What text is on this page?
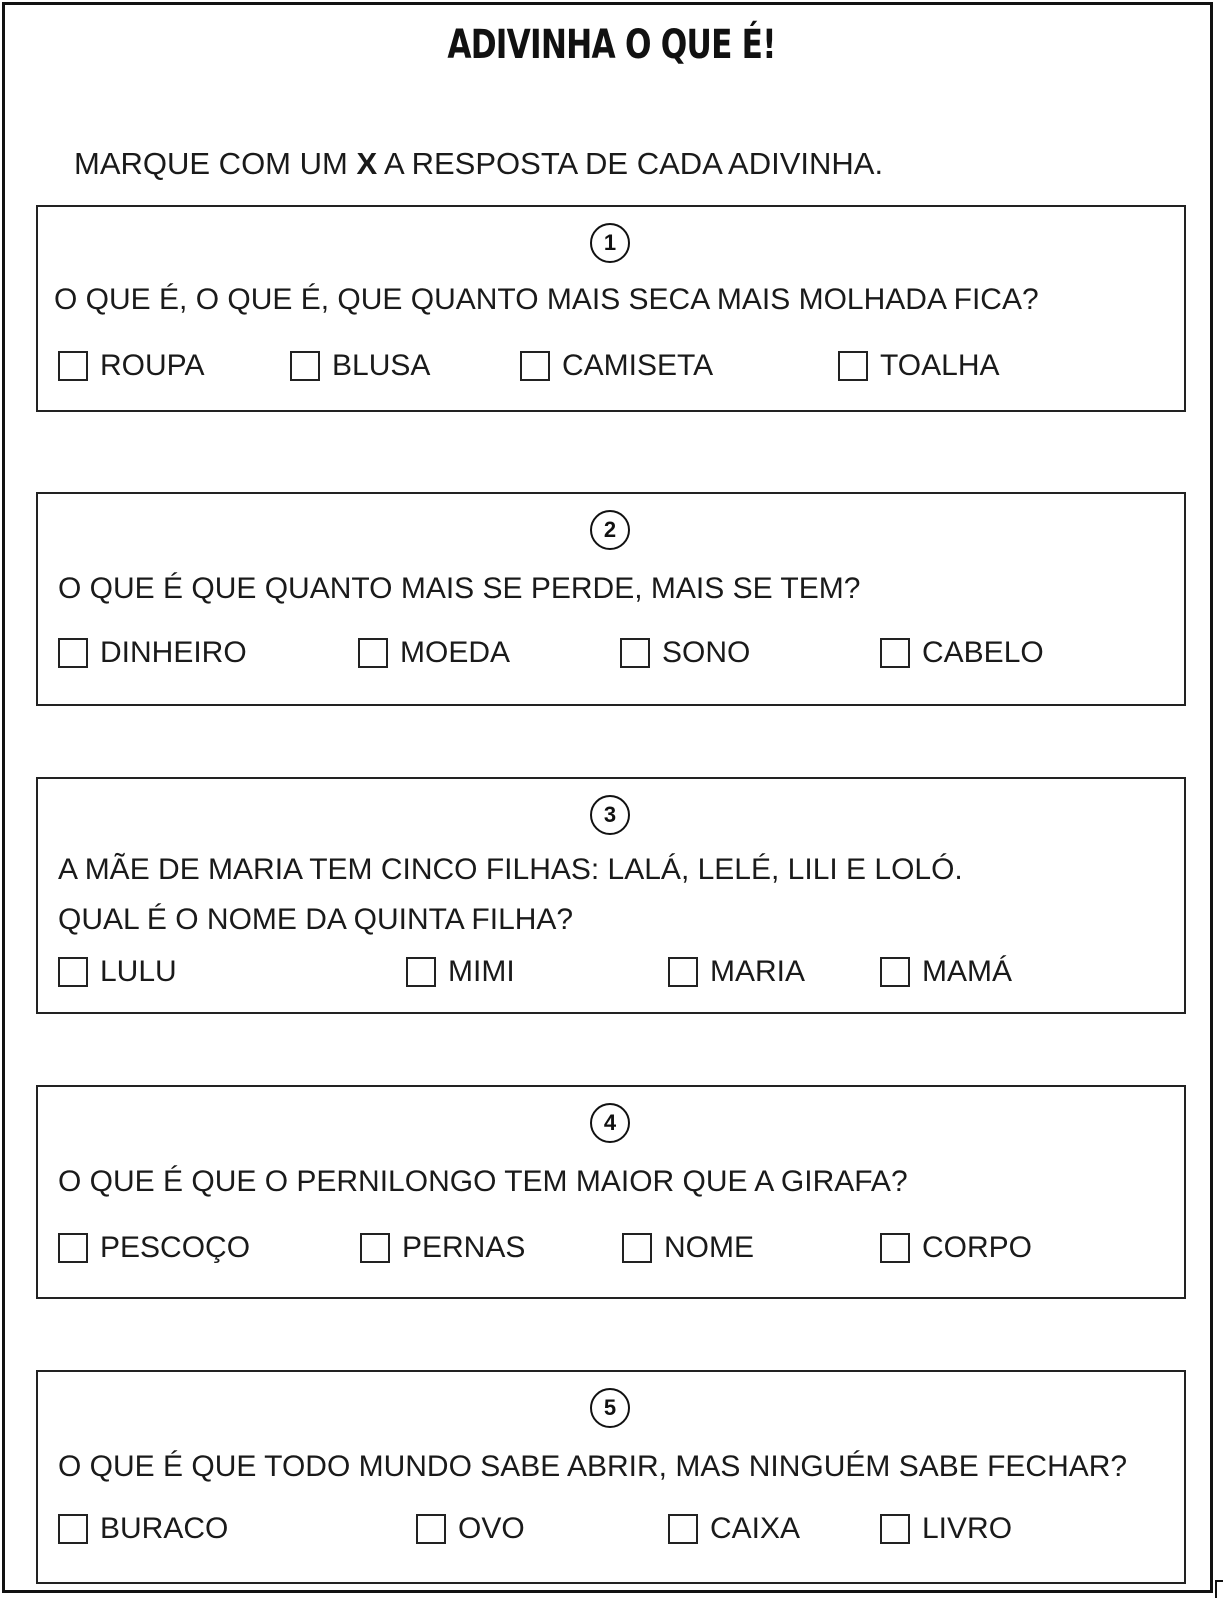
ADIVINHA O QUE É!
MARQUE COM UM X A RESPOSTA DE CADA ADIVINHA.
1
O QUE É, O QUE É, QUE QUANTO MAIS SECA MAIS MOLHADA FICA?
ROUPA	BLUSA	CAMISETA	TOALHA
2
O QUE É QUE QUANTO MAIS SE PERDE, MAIS SE TEM?
DINHEIRO	MOEDA	SONO	CABELO
3
A MÃE DE MARIA TEM CINCO FILHAS: LALÁ, LELÉ, LILI E LOLÓ.
QUAL É O NOME DA QUINTA FILHA?
LULU	MIMI	MARIA	MAMÁ
4
O QUE É QUE O PERNILONGO TEM MAIOR QUE A GIRAFA?
PESCOÇO	PERNAS	NOME	CORPO
5
O QUE É QUE TODO MUNDO SABE ABRIR, MAS NINGUÉM SABE FECHAR?
BURACO	OVO	CAIXA	LIVRO
